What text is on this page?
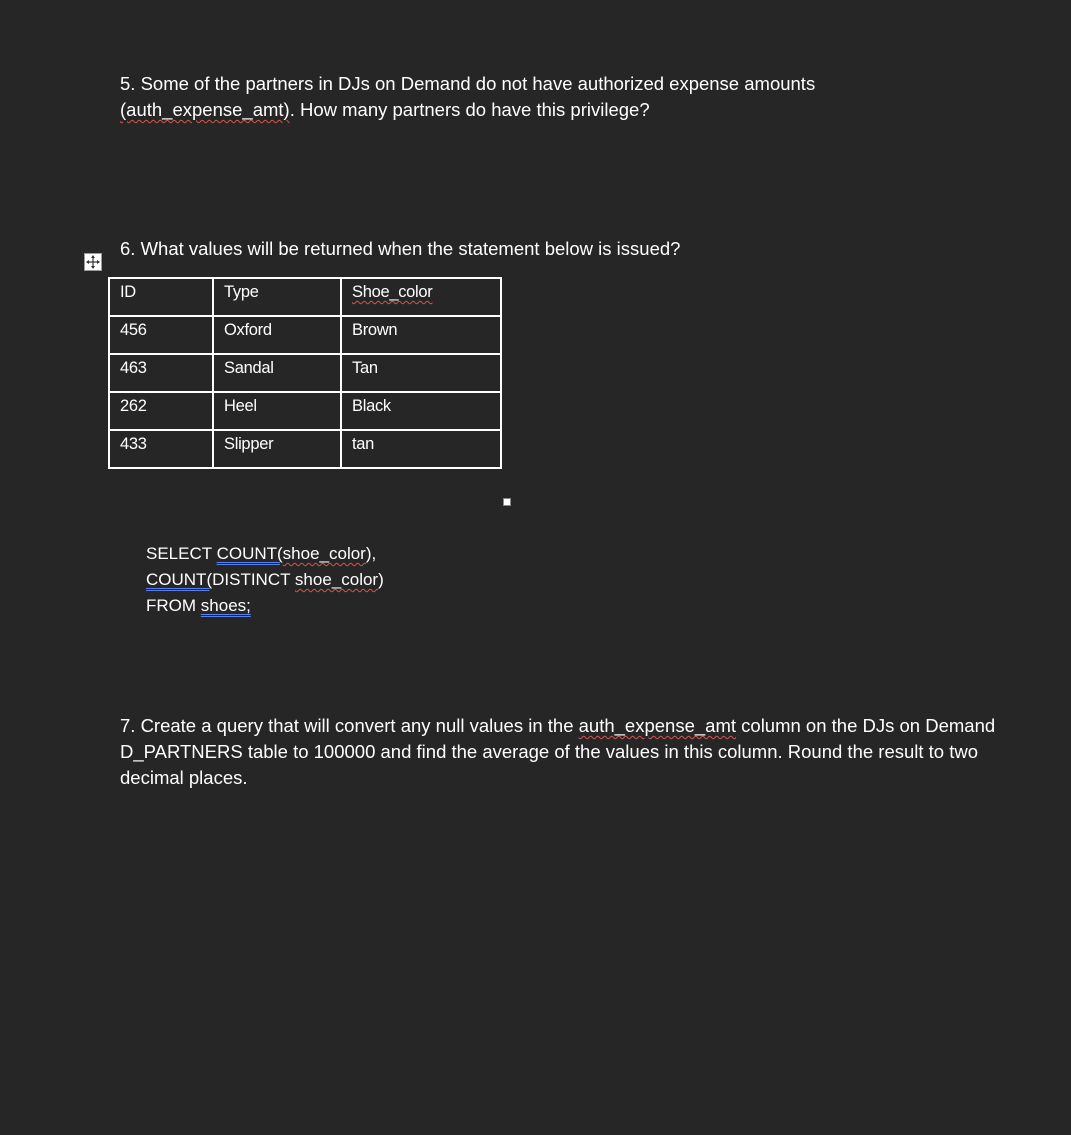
5. Some of the partners in DJs on Demand do not have authorized expense amounts (auth_expense_amt). How many partners do have this privilege?

6. What values will be returned when the statement below is issued?

ID	Type	Shoe_color
456	Oxford	Brown
463	Sandal	Tan
262	Heel	Black
433	Slipper	tan
SELECT COUNT(shoe_color),
COUNT(DISTINCT shoe_color)
FROM shoes;

7. Create a query that will convert any null values in the auth_expense_amt column on the DJs on Demand D_PARTNERS table to 100000 and find the average of the values in this column. Round the result to two decimal places.
